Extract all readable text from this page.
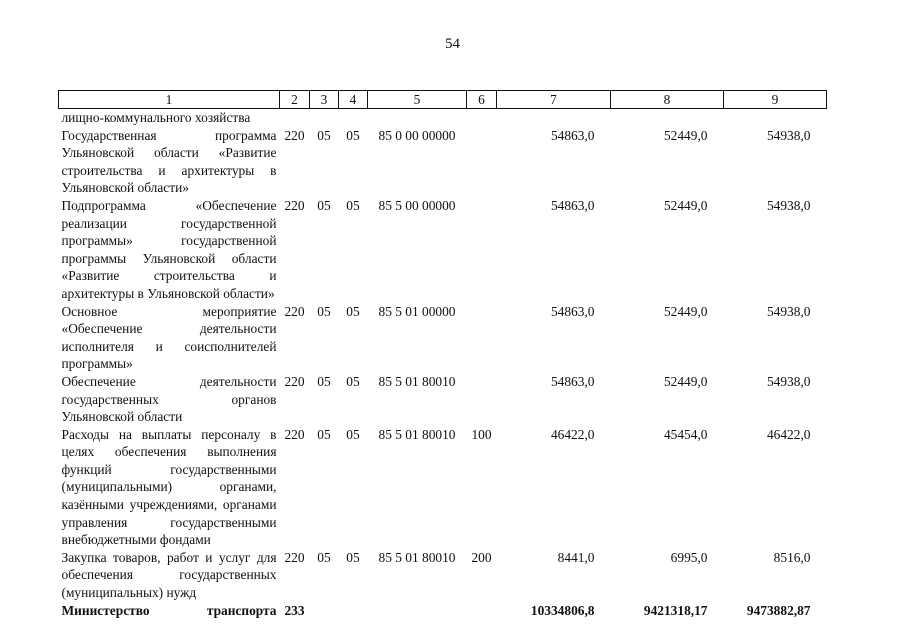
54
1	2	3	4	5	6	7	8	9
лищно-коммунального хозяйства								
Государственная программа Ульяновской области «Развитие строительства и архитектуры в Ульяновской области»	220	05	05	85 0 00 00000		54863,0	52449,0	54938,0
Подпрограмма «Обеспечение реализации государственной программы» государственной программы Ульяновской области «Развитие строительства и архитектуры в Ульяновской области»	220	05	05	85 5 00 00000		54863,0	52449,0	54938,0
Основное мероприятие «Обеспечение деятельности исполнителя и соисполнителей программы»	220	05	05	85 5 01 00000		54863,0	52449,0	54938,0
Обеспечение деятельности государственных органов Ульяновской области	220	05	05	85 5 01 80010		54863,0	52449,0	54938,0
Расходы на выплаты персоналу в целях обеспечения выполнения функций государственными (муниципальными) органами, казёнными учреждениями, органами управления государственными внебюджетными фондами	220	05	05	85 5 01 80010	100	46422,0	45454,0	46422,0
Закупка товаров, работ и услуг для обеспечения государственных (муниципальных) нужд	220	05	05	85 5 01 80010	200	8441,0	6995,0	8516,0
Министерство транспорта	233					10334806,8	9421318,17	9473882,87
